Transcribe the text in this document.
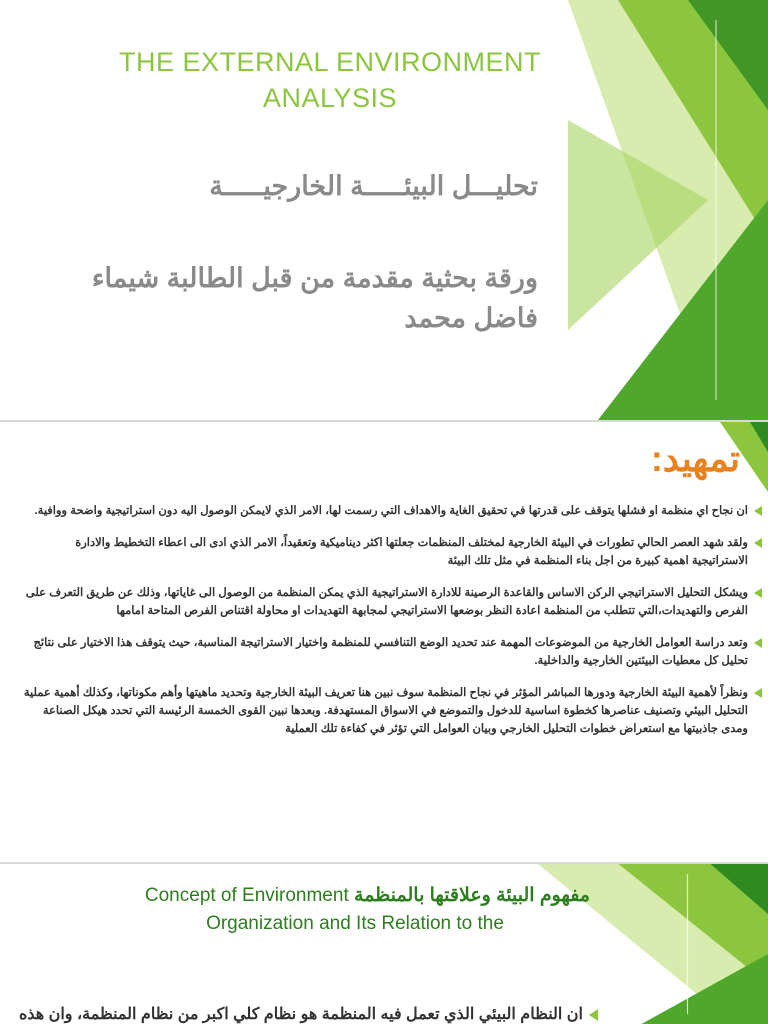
THE EXTERNAL ENVIRONMENT ANALYSIS
تحليـــل البيئـــــة الخارجيـــــة
ورقة بحثية مقدمة من قبل الطالبة شيماء فاضل محمد
تمهيد:
ان نجاح اي منظمة او فشلها يتوقف على قدرتها في تحقيق الغاية والاهداف التي رسمت لها، الامر الذي لايمكن الوصول اليه دون استراتيجية واضحة ووافية.
ولقد شهد العصر الحالي تطورات في البيئة الخارجية لمختلف المنظمات جعلتها اكثر ديناميكية وتعقيداً، الامر الذي ادى الى اعطاء التخطيط والادارة الاستراتيجية اهمية كبيرة من اجل بناء المنظمة في مثل تلك البيئة
ويشكل التحليل الاستراتيجي الركن الاساس والقاعدة الرصينة للادارة الاستراتيجية الذي يمكن المنظمة من الوصول الى غاياتها، وذلك عن طريق التعرف على الفرص والتهديدات،التي تتطلب من المنظمة اعادة النظر بوضعها الاستراتيجي لمجابهة التهديدات او محاولة اقتناص الفرص المتاحة امامها
وتعد دراسة العوامل الخارجية من الموضوعات المهمة عند تحديد الوضع التنافسي للمنظمة واختيار الاستراتيجة المناسبة، حيث يتوقف هذا الاختيار على نتائج تحليل كل معطيات البيئتين الخارجية والداخلية.
ونظراً لأهمية البيئة الخارجية ودورها المباشر المؤثر في نجاح المنظمة سوف نبين هنا تعريف البيئة الخارجية وتحديد ماهيتها وأهم مكوناتها، وكذلك أهمية عملية التحليل البيئي وتصنيف عناصرها كخطوة اساسية للدخول والتموضع في الاسواق المستهدفة. وبعدها نبين القوى الخمسة الرئيسة التي تحدد هيكل الصناعة ومدى جاذبيتها مع استعراض خطوات التحليل الخارجي وبيان العوامل التي تؤثر في كفاءة تلك العملية
Concept of Environment مفهوم البيئة وعلاقتها بالمنظمة
Organization and Its Relation to the
ان النظام البيئي الذي تعمل فيه المنظمة هو نظام كلي اكبر من نظام المنظمة، وان هذه
